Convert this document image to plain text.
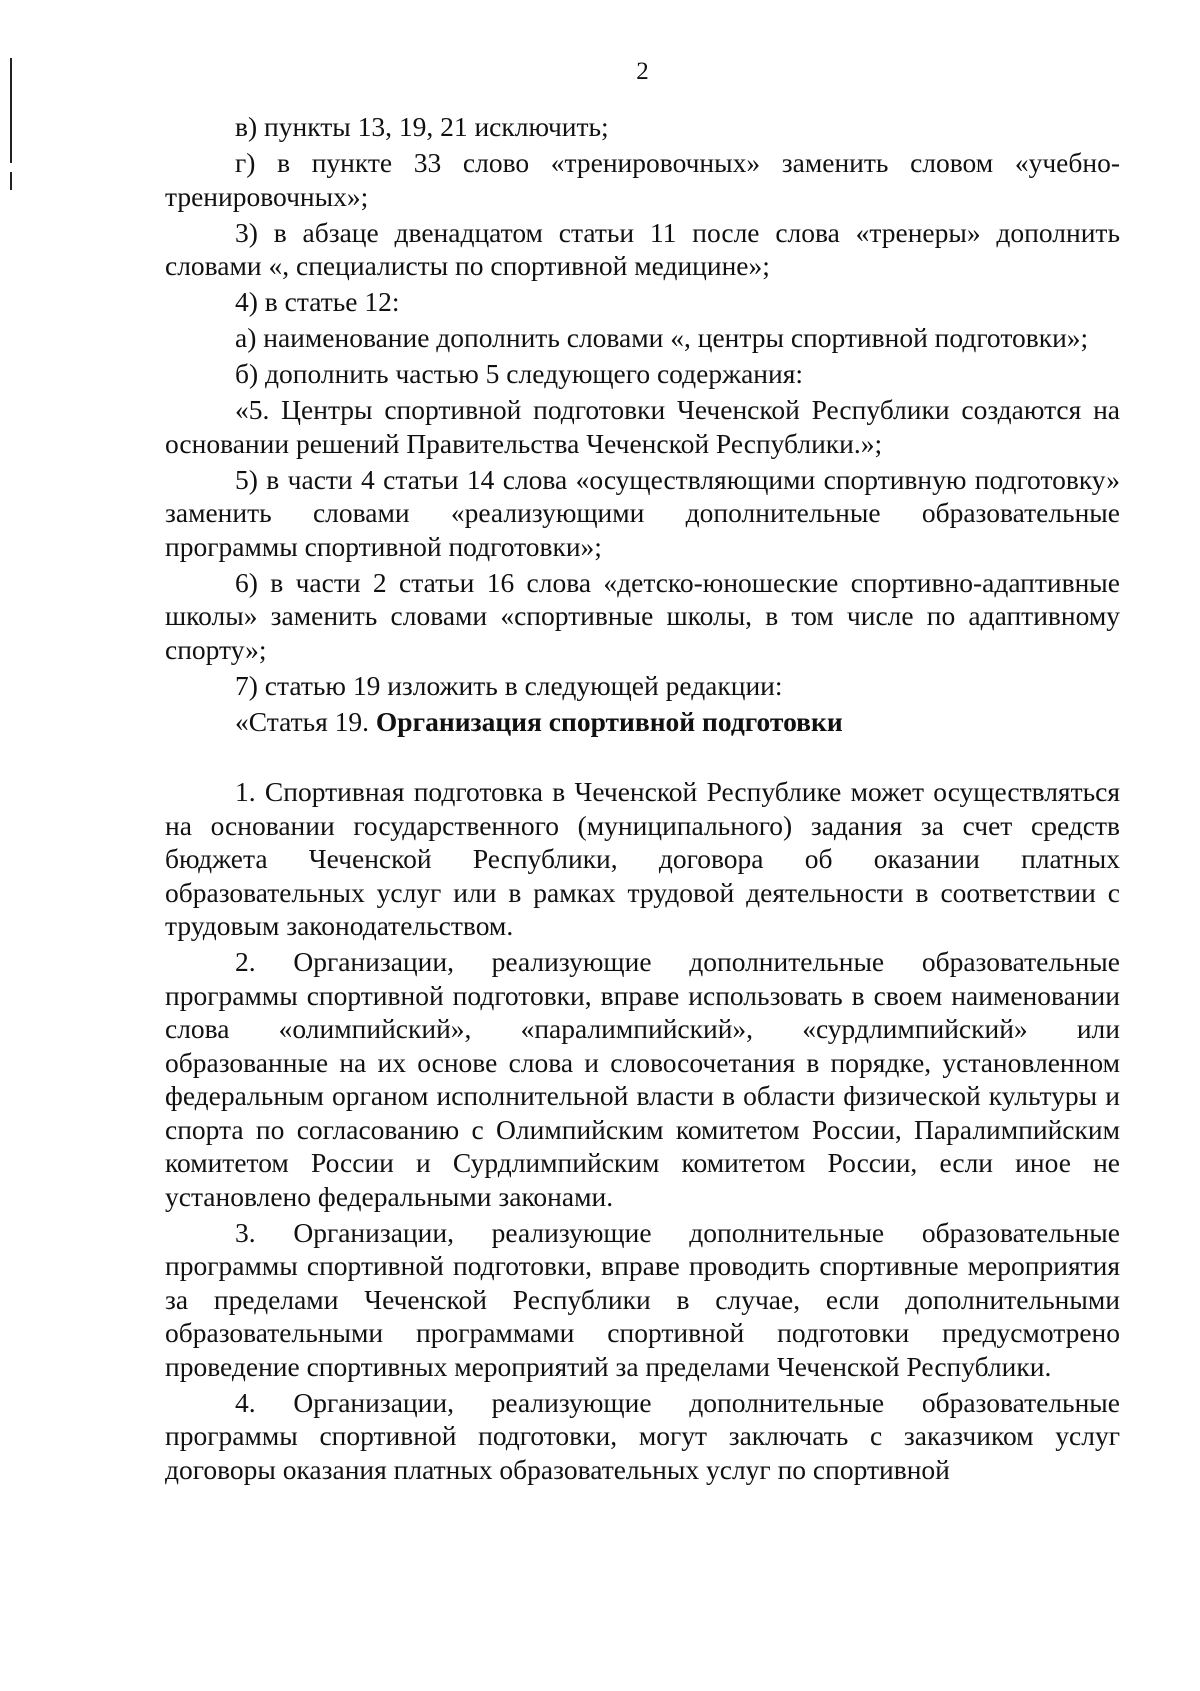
2

в) пункты 13, 19, 21 исключить;

г) в пункте 33 слово «тренировочных» заменить словом «учебно-тренировочных»;

3) в абзаце двенадцатом статьи 11 после слова «тренеры» дополнить словами «, специалисты по спортивной медицине»;

4) в статье 12:

а) наименование дополнить словами «, центры спортивной подготовки»;

б) дополнить частью 5 следующего содержания:

«5. Центры спортивной подготовки Чеченской Республики создаются на основании решений Правительства Чеченской Республики.»;

5) в части 4 статьи 14 слова «осуществляющими спортивную подготовку» заменить словами «реализующими дополнительные образовательные программы спортивной подготовки»;

6) в части 2 статьи 16 слова «детско-юношеские спортивно-адаптивные школы» заменить словами «спортивные школы, в том числе по адаптивному спорту»;

7) статью 19 изложить в следующей редакции:

«Статья 19. Организация спортивной подготовки

1. Спортивная подготовка в Чеченской Республике может осуществляться на основании государственного (муниципального) задания за счет средств бюджета Чеченской Республики, договора об оказании платных образовательных услуг или в рамках трудовой деятельности в соответствии с трудовым законодательством.

2. Организации, реализующие дополнительные образовательные программы спортивной подготовки, вправе использовать в своем наименовании слова «олимпийский», «паралимпийский», «сурдлимпийский» или образованные на их основе слова и словосочетания в порядке, установленном федеральным органом исполнительной власти в области физической культуры и спорта по согласованию с Олимпийским комитетом России, Паралимпийским комитетом России и Сурдлимпийским комитетом России, если иное не установлено федеральными законами.

3. Организации, реализующие дополнительные образовательные программы спортивной подготовки, вправе проводить спортивные мероприятия за пределами Чеченской Республики в случае, если дополнительными образовательными программами спортивной подготовки предусмотрено проведение спортивных мероприятий за пределами Чеченской Республики.

4. Организации, реализующие дополнительные образовательные программы спортивной подготовки, могут заключать с заказчиком услуг договоры оказания платных образовательных услуг по спортивной
